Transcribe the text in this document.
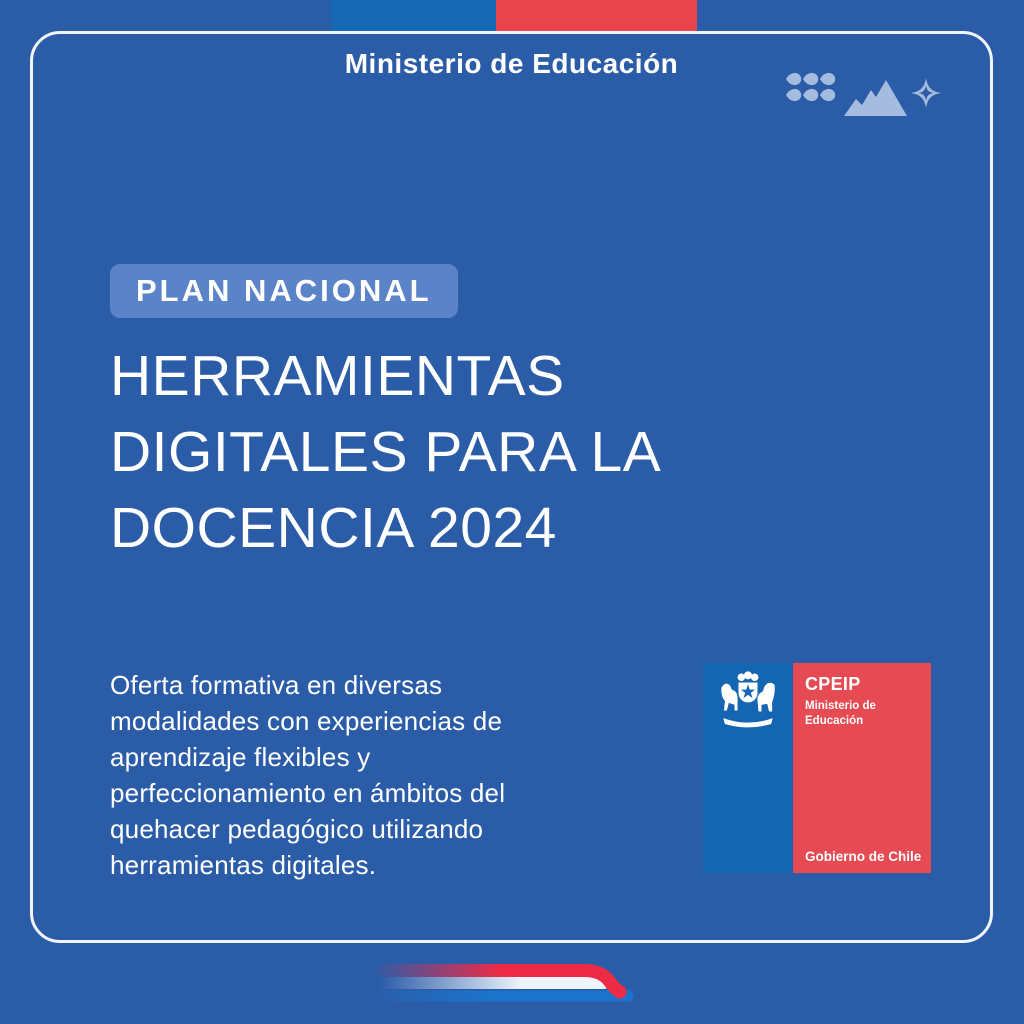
Ministerio de Educación
PLAN NACIONAL
HERRAMIENTAS
DIGITALES PARA LA
DOCENCIA 2024
Oferta formativa en diversas
modalidades con experiencias de
aprendizaje flexibles y
perfeccionamiento en ámbitos del
quehacer pedagógico utilizando
herramientas digitales.
CPEIP
Ministerio de
Educación
Gobierno de Chile
